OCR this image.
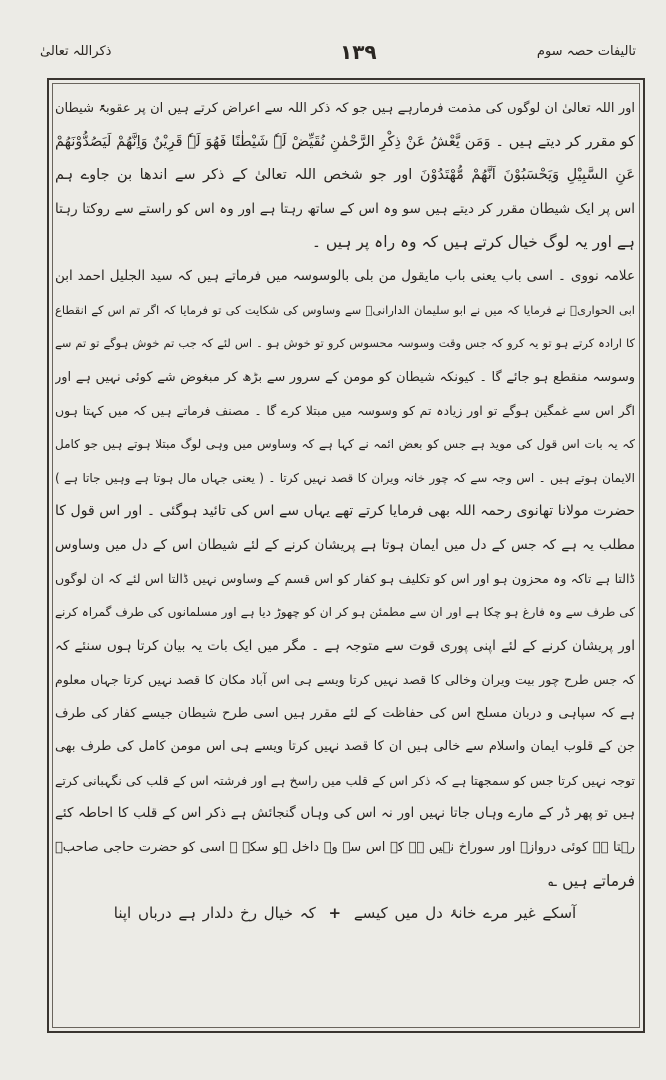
ذکراللہ تعالیٰ	۱۳۹	تالیفات حصہ سوم
اور اللہ تعالیٰ ان لوگوں کی مذمت فرمارہے ہیں جو کہ ذکر اللہ سے اعراض کرتے ہیں ان پر عقوبۃً شیطان
کو مقرر کر دیتے ہیں ۔ وَمَن یَّعْشُ عَنْ ذِکْرِ الرَّحْمٰنِ نُقَیِّضْ لَہٗ شَیْطٰنًا فَھُوَ لَہٗ قَرِیْنٌ وَاِنَّھُمْ لَیَصُدُّوْنَھُمْ
عَنِ السَّبِیْلِ وَیَحْسَبُوْنَ اَنَّھُمْ مُّھْتَدُوْنَ اور جو شخص اللہ تعالیٰ کے ذکر سے اندھا بن جاوے ہم
اس پر ایک شیطان مقرر کر دیتے ہیں سو وہ اس کے ساتھ رہتا ہے اور وہ اس کو راستے سے روکتا رہتا
ہے اور یہ لوگ خیال کرتے ہیں کہ وہ راہ پر ہیں ۔
علامہ نووی ۔ اسی باب یعنی باب مایقول من بلی بالوسوسہ میں فرماتے ہیں کہ سید الجلیل احمد ابن
ابی الحواریؒ نے فرمایا کہ میں نے ابو سلیمان الدارانیؒ سے وساوس کی شکایت کی تو فرمایا کہ اگر تم اس کے انقطاع
کا ارادہ کرتے ہو تو یہ کرو کہ جس وقت وسوسہ محسوس کرو تو خوش ہو ۔ اس لئے کہ جب تم خوش ہوگے تو تم سے
وسوسہ منقطع ہو جائے گا ۔ کیونکہ شیطان کو مومن کے سرور سے بڑھ کر مبغوض شے کوئی نہیں ہے اور
اگر اس سے غمگین ہوگے تو اور زیادہ تم کو وسوسہ میں مبتلا کرے گا ۔ مصنف فرماتے ہیں کہ میں کہتا ہوں
کہ یہ بات اس قول کی موید ہے جس کو بعض ائمہ نے کہا ہے کہ وساوس میں وہی لوگ مبتلا ہوتے ہیں جو کامل
الایمان ہوتے ہیں ۔ اس وجہ سے کہ چور خانہ ویران کا قصد نہیں کرتا ۔ ( یعنی جہاں مال ہوتا ہے وہیں جاتا ہے )
حضرت مولانا تھانوی رحمہ اللہ بھی فرمایا کرتے تھے یہاں سے اس کی تائید ہوگئی ۔ اور اس قول کا
مطلب یہ ہے کہ جس کے دل میں ایمان ہوتا ہے پریشان کرنے کے لئے شیطان اس کے دل میں وساوس
ڈالتا ہے تاکہ وہ محزون ہو اور اس کو تکلیف ہو کفار کو اس قسم کے وساوس نہیں ڈالتا اس لئے کہ ان لوگوں
کی طرف سے وہ فارغ ہو چکا ہے اور ان سے مطمئن ہو کر ان کو چھوڑ دیا ہے اور مسلمانوں کی طرف گمراہ کرنے
اور پریشان کرنے کے لئے اپنی پوری قوت سے متوجہ ہے ۔ مگر میں ایک بات یہ بیان کرتا ہوں سنئے کہ
کہ جس طرح چور بیت ویران وخالی کا قصد نہیں کرتا ویسے ہی اس آباد مکان کا قصد نہیں کرتا جہاں معلوم
ہے کہ سپاہی و دربان مسلح اس کی حفاظت کے لئے مقرر ہیں اسی طرح شیطان جیسے کفار کی طرف
جن کے قلوب ایمان واسلام سے خالی ہیں ان کا قصد نہیں کرتا ویسے ہی اس مومن کامل کی طرف بھی
توجہ نہیں کرتا جس کو سمجھتا ہے کہ ذکر اس کے قلب میں راسخ ہے اور فرشتہ اس کے قلب کی نگہبانی کرتے
ہیں تو پھر ڈر کے مارے وہاں جاتا نہیں اور نہ اس کی وہاں گنجائش ہے ذکر اس کے قلب کا احاطہ کئے
رہتا ہے کوئی دروازہ اور سوراخ نہیں ہے کہ اس سے وہ داخل ہو سکے ۔ اسی کو حضرت حاجی صاحبؒ
فرماتے ہیں ؎
آسکے غیر مرے خانۂ دل میں کیسے + کہ خیال رخ دلدار ہے درباں اپنا
